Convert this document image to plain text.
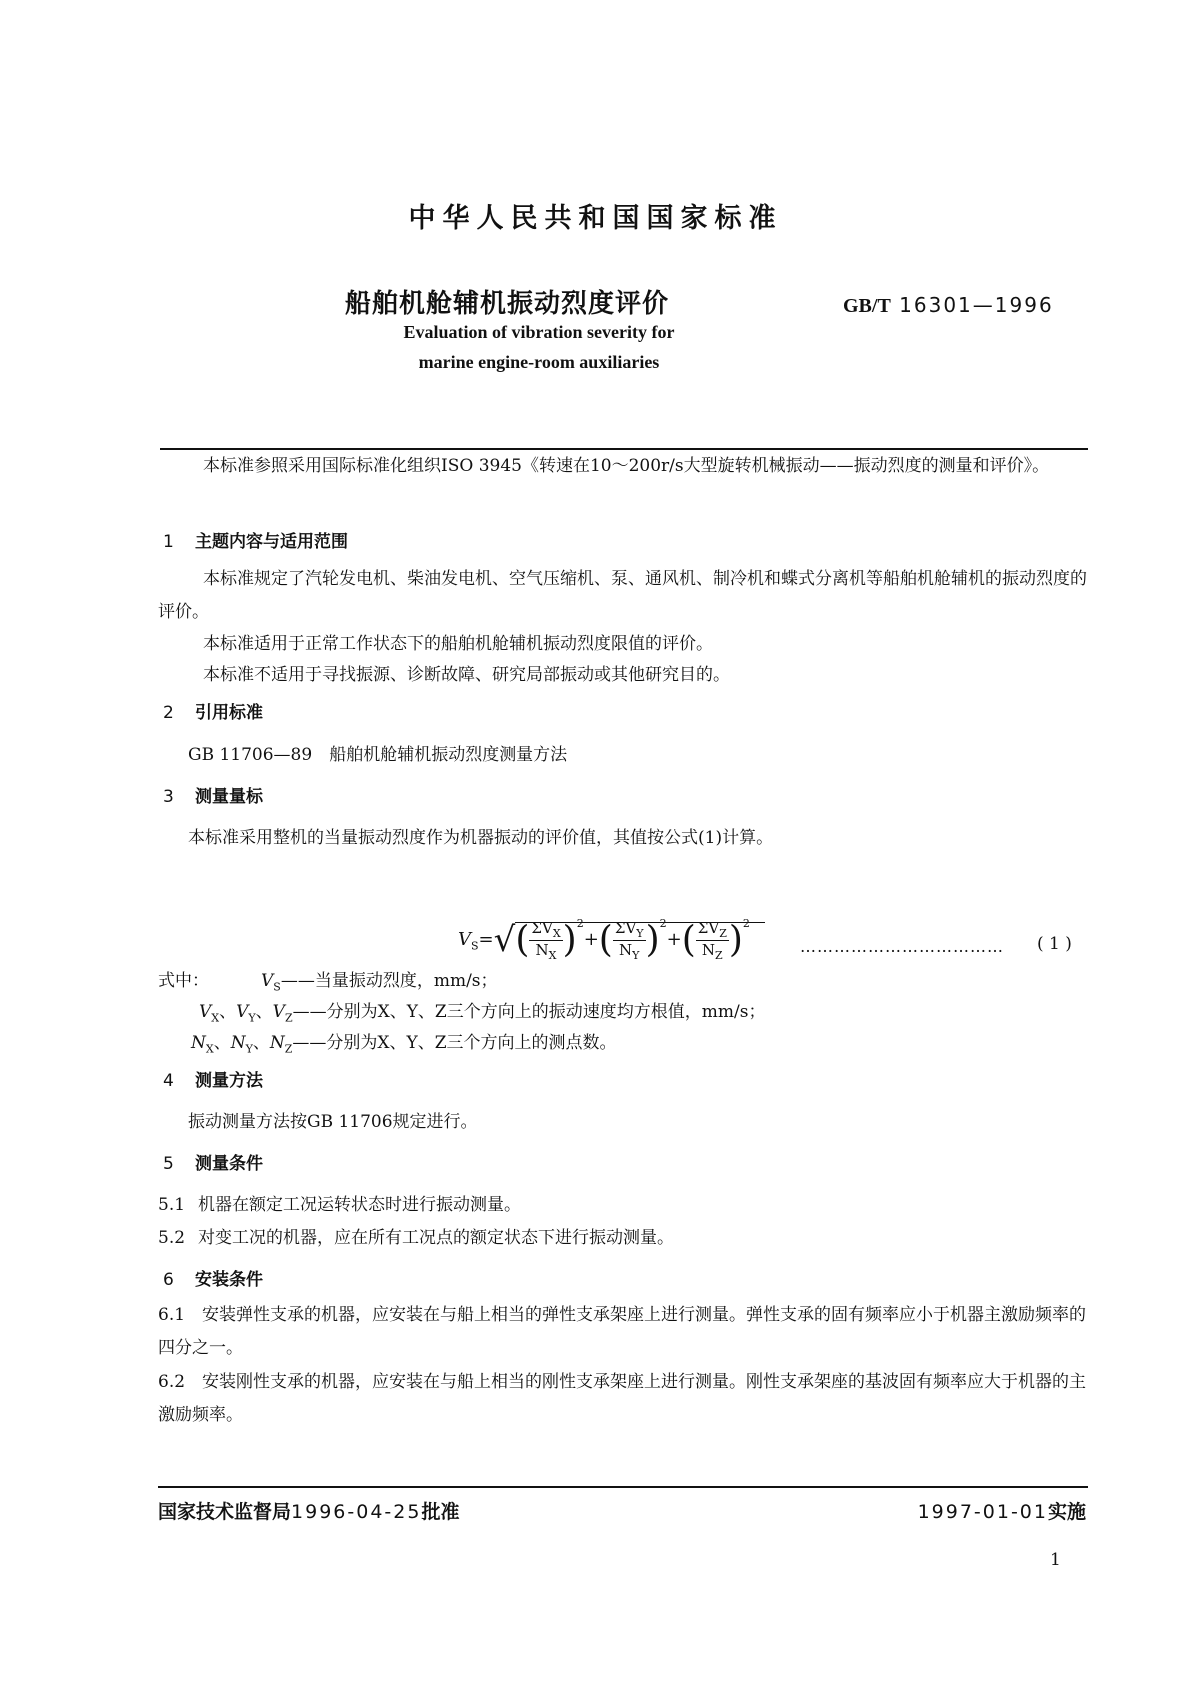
中华人民共和国国家标准
船舶机舱辅机振动烈度评价	GB/T 16301—1996
Evaluation of vibration severity for
marine engine-room auxiliaries
本标准参照采用国际标准化组织ISO 3945《转速在10～200r/s大型旋转机械振动——振动烈度的测量和评价》。
1 主题内容与适用范围
本标准规定了汽轮发电机、柴油发电机、空气压缩机、泵、通风机、制冷机和蝶式分离机等船舶机舱辅机的振动烈度的评价。
本标准适用于正常工作状态下的船舶机舱辅机振动烈度限值的评价。
本标准不适用于寻找振源、诊断故障、研究局部振动或其他研究目的。
2 引用标准
GB 11706—89　船舶机舱辅机振动烈度测量方法
3 测量量标
本标准采用整机的当量振动烈度作为机器振动的评价值，其值按公式(1)计算。
$V_S=√( \frac{\Sigma V_X}{N_X} )^2+( \frac{\Sigma V_Y}{N_Y} )^2+( \frac{\Sigma V_Z}{N_Z} )^2$
……………………………… ( 1 )
式中：	$V_S——$当量振动烈度，mm/s；
$V_X$、$V_Y$、$V_Z——$分别为X、Y、Z三个方向上的振动速度均方根值，mm/s；
$N_X$、$N_Y$、$N_Z——$分别为X、Y、Z三个方向上的测点数。
4 测量方法
振动测量方法按GB 11706规定进行。
5 测量条件
5.1 机器在额定工况运转状态时进行振动测量。
5.2 对变工况的机器，应在所有工况点的额定状态下进行振动测量。
6 安装条件
6.1　安装弹性支承的机器，应安装在与船上相当的弹性支承架座上进行测量。弹性支承的固有频率应小于机器主激励频率的四分之一。
6.2　安装刚性支承的机器，应安装在与船上相当的刚性支承架座上进行测量。刚性支承架座的基波固有频率应大于机器的主激励频率。
国家技术监督局1996-04-25批准	1997-01-01实施
1
